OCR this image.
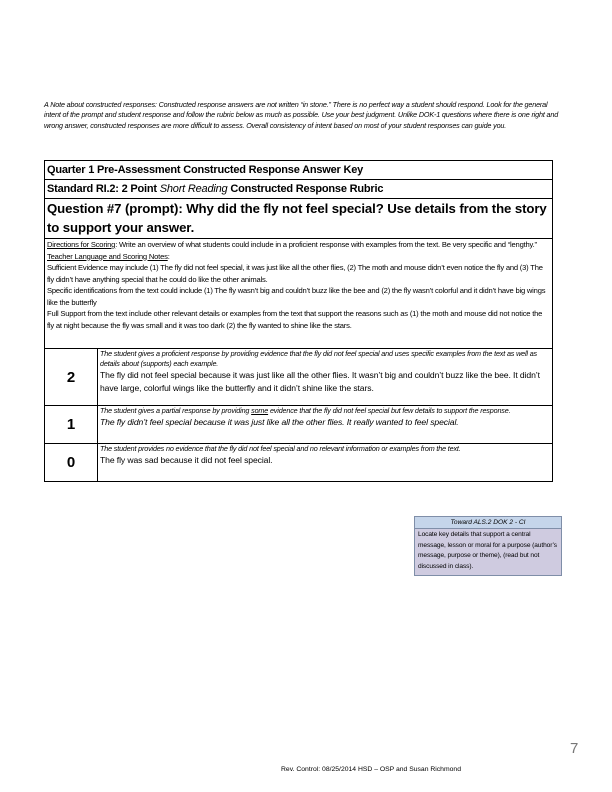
A Note about constructed responses: Constructed response answers are not written “in stone.” There is no perfect way a student should respond. Look for the general intent of the prompt and student response and follow the rubric below as much as possible. Use your best judgment. Unlike DOK-1 questions where there is one right and wrong answer, constructed responses are more difficult to assess. Overall consistency of intent based on most of your student responses can guide you.
Quarter 1 Pre-Assessment Constructed Response Answer Key	
Standard RI.2: 2 Point Short Reading Constructed Response Rubric	
Question #7 (prompt): Why did the fly not feel special? Use details from the story to support your answer.	
Directions for Scoring: Write an overview of what students could include in a proficient response with examples from the text. Be very specific and “lengthy.” Teacher Language and Scoring Notes:
Sufficient Evidence may include (1) The fly did not feel special, it was just like all the other flies, (2) The moth and mouse didn’t even notice the fly and (3) The fly didn’t have anything special that he could do like the other animals.
Specific identifications from the text could include (1) The fly wasn’t big and couldn’t buzz like the bee and (2) the fly wasn’t colorful and it didn’t have big wings like the butterfly
Full Support from the text include other relevant details or examples from the text that support the reasons such as (1) the moth and mouse did not notice the fly at night because the fly was small and it was too dark (2) the fly wanted to shine like the stars.	
2	The student gives a proficient response by providing evidence that the fly did not feel special and uses specific examples from the text as well as details about (supports) each example.
The fly did not feel special because it was just like all the other flies. It wasn’t big and couldn’t buzz like the bee. It didn’t have large, colorful wings like the butterfly and it didn’t shine like the stars.

1	The student gives a partial response by providing some evidence that the fly did not feel special but few details to support the response.
The fly didn’t feel special because it was just like all the other flies. It really wanted to feel special.

0	The student provides no evidence that the fly did not feel special and no relevant information or examples from the text.
The fly was sad because it did not feel special.
Toward ALS.2 DOK 2 - CI
Locate key details that support a central message, lesson or moral for a purpose (author’s message, purpose or theme), (read but not discussed in class).
7
Rev. Control: 08/25/2014 HSD – OSP and Susan Richmond
